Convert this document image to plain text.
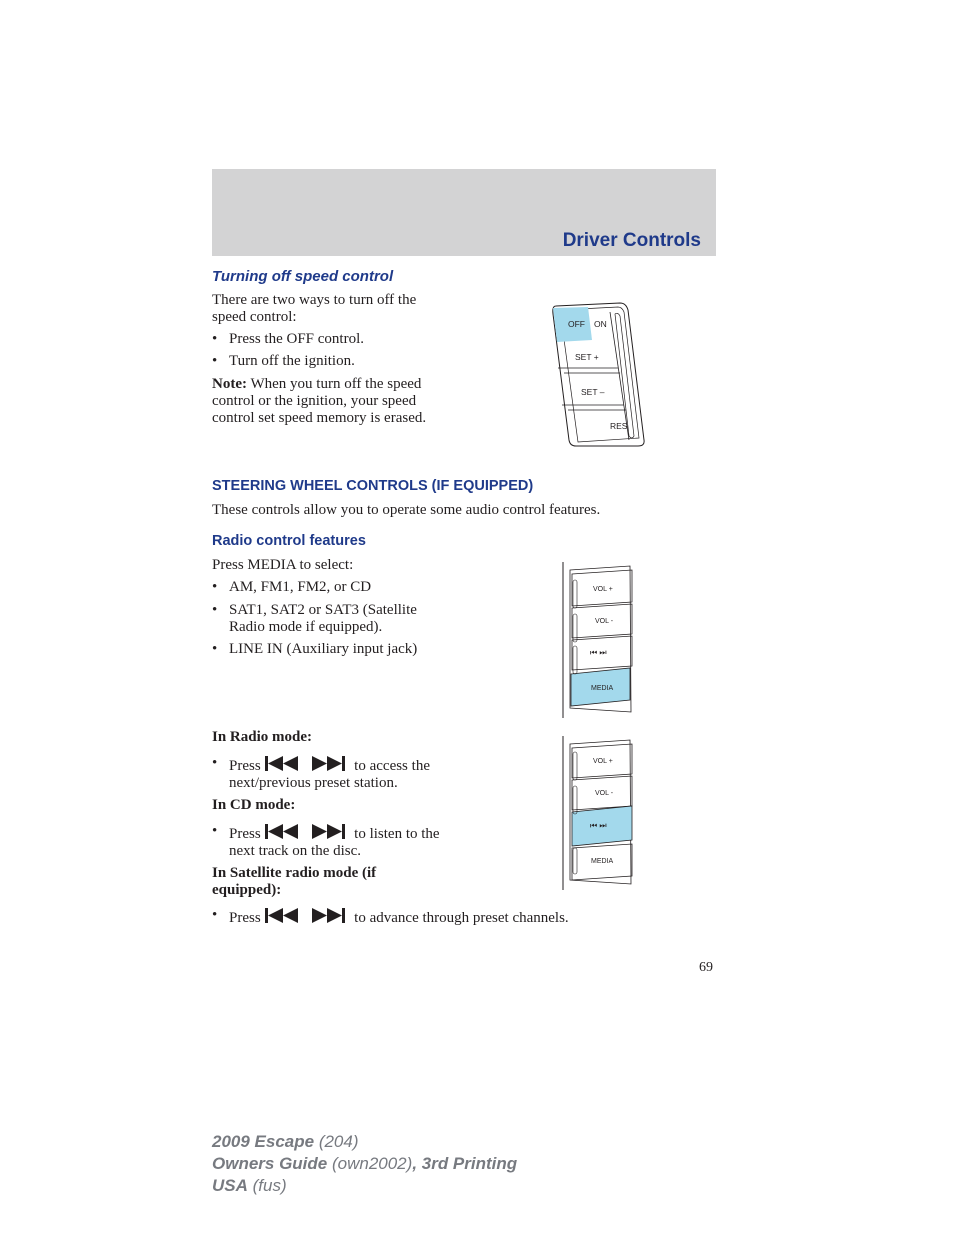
Driver Controls
Turning off speed control
There are two ways to turn off the
speed control:
• Press the OFF control.
• Turn off the ignition.
Note: When you turn off the speed
control or the ignition, your speed
control set speed memory is erased.
OFF ON
SET +
SET –
RES
STEERING WHEEL CONTROLS (IF EQUIPPED)
These controls allow you to operate some audio control features.
Radio control features
Press MEDIA to select:
• AM, FM1, FM2, or CD
• SAT1, SAT2 or SAT3 (Satellite
Radio mode if equipped).
• LINE IN (Auxiliary input jack)
VOL +
VOL -
⏮ ⏭
MEDIA
In Radio mode:
• Press	to access the
next/previous preset station.
In CD mode:
• Press	to listen to the
next track on the disc.
In Satellite radio mode (if
equipped):
• Press	to advance through preset channels.
VOL +
VOL -
⏮ ⏭
MEDIA
69
2009 Escape (204)
Owners Guide (own2002), 3rd Printing
USA (fus)
